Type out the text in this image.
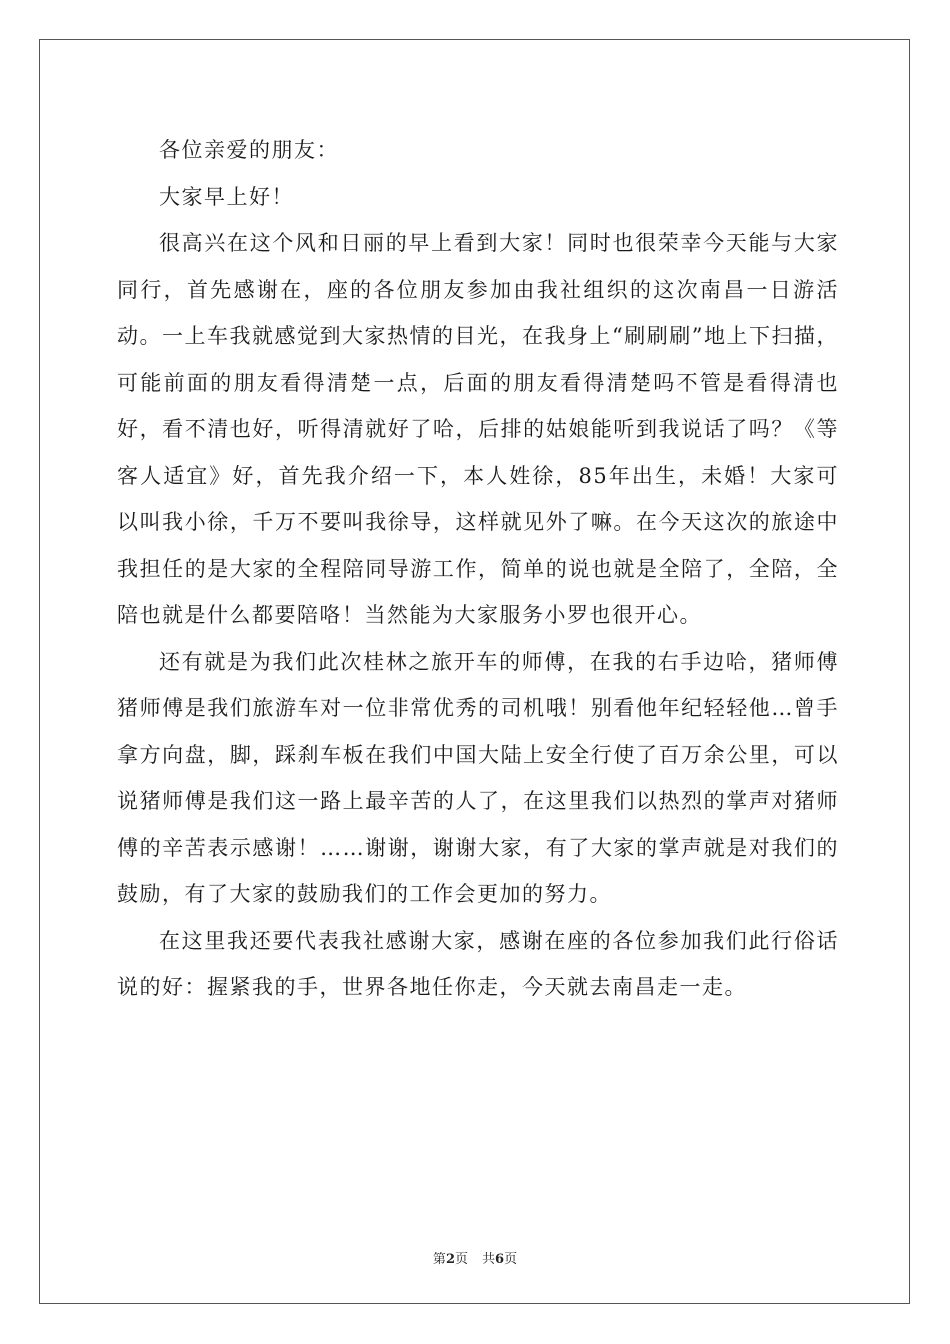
各位亲爱的朋友：

大家早上好！

很高兴在这个风和日丽的早上看到大家！同时也很荣幸今天能与大家同行，首先感谢在，座的各位朋友参加由我社组织的这次南昌一日游活动。一上车我就感觉到大家热情的目光，在我身上“刷刷刷”地上下扫描，可能前面的朋友看得清楚一点，后面的朋友看得清楚吗不管是看得清也好，看不清也好，听得清就好了哈，后排的姑娘能听到我说话了吗？《等客人适宜》好，首先我介绍一下，本人姓徐，85年出生，未婚！大家可以叫我小徐，千万不要叫我徐导，这样就见外了嘛。在今天这次的旅途中我担任的是大家的全程陪同导游工作，简单的说也就是全陪了，全陪，全陪也就是什么都要陪咯！当然能为大家服务小罗也很开心。

还有就是为我们此次桂林之旅开车的师傅，在我的右手边哈，猪师傅猪师傅是我们旅游车对一位非常优秀的司机哦！别看他年纪轻轻他…曾手拿方向盘，脚，踩刹车板在我们中国大陆上安全行使了百万余公里，可以说猪师傅是我们这一路上最辛苦的人了，在这里我们以热烈的掌声对猪师傅的辛苦表示感谢！……谢谢，谢谢大家，有了大家的掌声就是对我们的鼓励，有了大家的鼓励我们的工作会更加的努力。

在这里我还要代表我社感谢大家，感谢在座的各位参加我们此行俗话说的好：握紧我的手，世界各地任你走，今天就去南昌走一走。

第2页 共6页
